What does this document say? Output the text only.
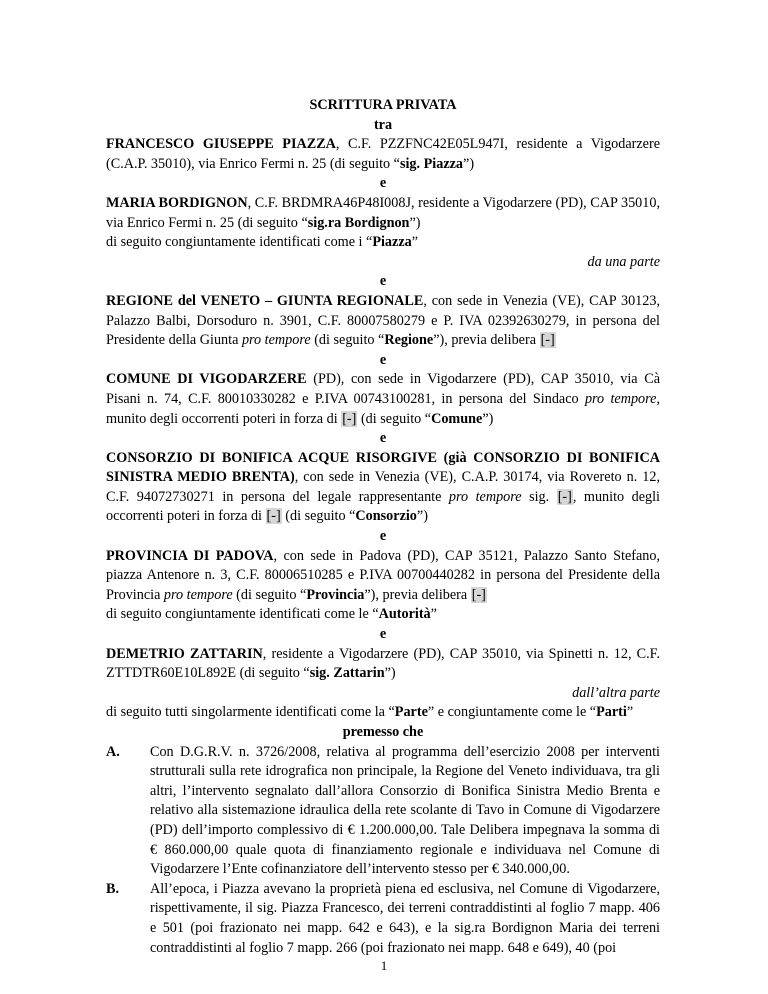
SCRITTURA PRIVATA

tra

FRANCESCO GIUSEPPE PIAZZA, C.F. PZZFNC42E05L947I, residente a Vigodarzere (C.A.P. 35010), via Enrico Fermi n. 25 (di seguito “sig. Piazza”)

e

MARIA BORDIGNON, C.F. BRDMRA46P48I008J, residente a Vigodarzere (PD), CAP 35010, via Enrico Fermi n. 25 (di seguito “sig.ra Bordignon”)

di seguito congiuntamente identificati come i “Piazza”

da una parte

e

REGIONE del VENETO – GIUNTA REGIONALE, con sede in Venezia (VE), CAP 30123, Palazzo Balbi, Dorsoduro n. 3901, C.F. 80007580279 e P. IVA 02392630279, in persona del Presidente della Giunta pro tempore (di seguito “Regione”), previa delibera [-]

e

COMUNE DI VIGODARZERE (PD), con sede in Vigodarzere (PD), CAP 35010, via Cà Pisani n. 74, C.F. 80010330282 e P.IVA 00743100281, in persona del Sindaco pro tempore, munito degli occorrenti poteri in forza di [-] (di seguito “Comune”)

e

CONSORZIO DI BONIFICA ACQUE RISORGIVE (già CONSORZIO DI BONIFICA SINISTRA MEDIO BRENTA), con sede in Venezia (VE), C.A.P. 30174, via Rovereto n. 12, C.F. 94072730271 in persona del legale rappresentante pro tempore sig. [-], munito degli occorrenti poteri in forza di [-] (di seguito “Consorzio”)

e

PROVINCIA DI PADOVA, con sede in Padova (PD), CAP 35121, Palazzo Santo Stefano, piazza Antenore n. 3, C.F. 80006510285 e P.IVA 00700440282 in persona del Presidente della Provincia pro tempore (di seguito “Provincia”), previa delibera [-]

di seguito congiuntamente identificati come le “Autorità”

e

DEMETRIO ZATTARIN, residente a Vigodarzere (PD), CAP 35010, via Spinetti n. 12, C.F. ZTTDTR60E10L892E (di seguito “sig. Zattarin”)

dall’altra parte

di seguito tutti singolarmente identificati come la “Parte” e congiuntamente come le “Parti”

premesso che

A. Con D.G.R.V. n. 3726/2008, relativa al programma dell’esercizio 2008 per interventi strutturali sulla rete idrografica non principale, la Regione del Veneto individuava, tra gli altri, l’intervento segnalato dall’allora Consorzio di Bonifica Sinistra Medio Brenta e relativo alla sistemazione idraulica della rete scolante di Tavo in Comune di Vigodarzere (PD) dell’importo complessivo di € 1.200.000,00. Tale Delibera impegnava la somma di € 860.000,00 quale quota di finanziamento regionale e individuava nel Comune di Vigodarzere l’Ente cofinanziatore dell’intervento stesso per € 340.000,00.
B. All’epoca, i Piazza avevano la proprietà piena ed esclusiva, nel Comune di Vigodarzere, rispettivamente, il sig. Piazza Francesco, dei terreni contraddistinti al foglio 7 mapp. 406 e 501 (poi frazionato nei mapp. 642 e 643), e la sig.ra Bordignon Maria dei terreni contraddistinti al foglio 7 mapp. 266 (poi frazionato nei mapp. 648 e 649), 40 (poi
1
